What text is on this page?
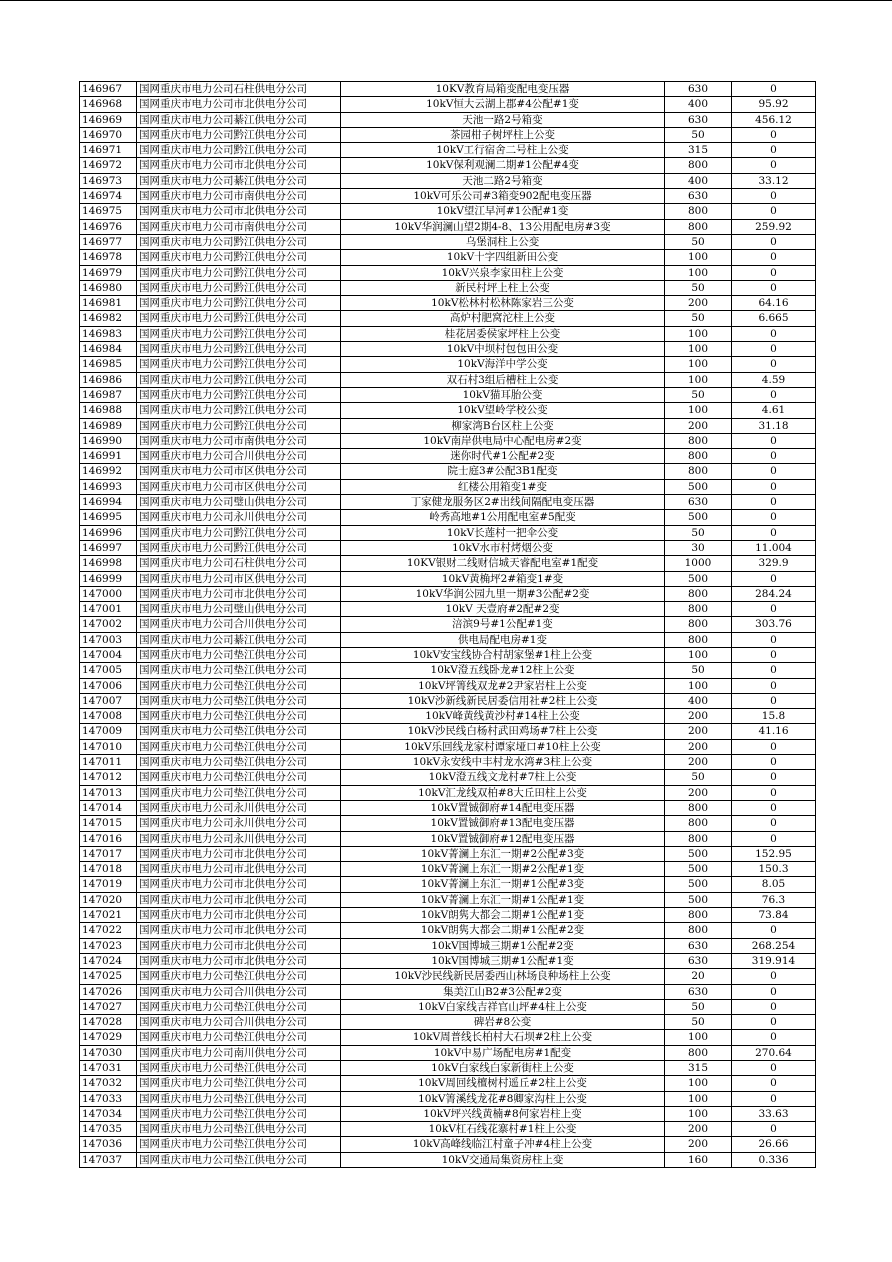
146967	国网重庆市电力公司石柱供电分公司	10KV教育局箱变配电变压器	630	0
146968	国网重庆市电力公司市北供电分公司	10kV恒大云湖上郡#4公配#1变	400	95.92
146969	国网重庆市电力公司綦江供电分公司	天池一路2号箱变	630	456.12
146970	国网重庆市电力公司黔江供电分公司	茶园柑子树坪柱上公变	50	0
146971	国网重庆市电力公司黔江供电分公司	10kV工行宿舍二号柱上公变	315	0
146972	国网重庆市电力公司市北供电分公司	10kV保利观澜二期#1公配#4变	800	0
146973	国网重庆市电力公司綦江供电分公司	天池二路2号箱变	400	33.12
146974	国网重庆市电力公司市南供电分公司	10kV可乐公司#3箱变902配电变压器	630	0
146975	国网重庆市电力公司市北供电分公司	10kV望江早河#1公配#1变	800	0
146976	国网重庆市电力公司市南供电分公司	10kV华润澜山望2期4-8、13公用配电房#3变	800	259.92
146977	国网重庆市电力公司黔江供电分公司	乌堡洞柱上公变	50	0
146978	国网重庆市电力公司黔江供电分公司	10kV十字四组新田公变	100	0
146979	国网重庆市电力公司黔江供电分公司	10kV兴泉李家田柱上公变	100	0
146980	国网重庆市电力公司黔江供电分公司	新民村坪上柱上公变	50	0
146981	国网重庆市电力公司黔江供电分公司	10kV松林村松林陈家岩三公变	200	64.16
146982	国网重庆市电力公司黔江供电分公司	高炉村肥窝沱柱上公变	50	6.665
146983	国网重庆市电力公司黔江供电分公司	桂花居委侯家坪柱上公变	100	0
146984	国网重庆市电力公司黔江供电分公司	10kV中坝村包包田公变	100	0
146985	国网重庆市电力公司黔江供电分公司	10kV海洋中学公变	100	0
146986	国网重庆市电力公司黔江供电分公司	双石村3组后槽柱上公变	100	4.59
146987	国网重庆市电力公司黔江供电分公司	10kV猫耳胎公变	50	0
146988	国网重庆市电力公司黔江供电分公司	10kV望岭学校公变	100	4.61
146989	国网重庆市电力公司黔江供电分公司	柳家湾B台区柱上公变	200	31.18
146990	国网重庆市电力公司市南供电分公司	10kV南岸供电局中心配电房#2变	800	0
146991	国网重庆市电力公司合川供电分公司	迷你时代#1公配#2变	800	0
146992	国网重庆市电力公司市区供电分公司	院士庭3#公配3B1配变	800	0
146993	国网重庆市电力公司市区供电分公司	红楼公用箱变1#变	500	0
146994	国网重庆市电力公司璧山供电分公司	丁家健龙服务区2#出线间隔配电变压器	630	0
146995	国网重庆市电力公司永川供电分公司	岭秀高地#1公用配电室#5配变	500	0
146996	国网重庆市电力公司黔江供电分公司	10kV长莲村一把伞公变	50	0
146997	国网重庆市电力公司黔江供电分公司	10kV水市村烤烟公变	30	11.004
146998	国网重庆市电力公司石柱供电分公司	10KV银财二线财信城天睿配电室#1配变	1000	329.9
146999	国网重庆市电力公司市区供电分公司	10kV黄桷坪2#箱变1#变	500	0
147000	国网重庆市电力公司市北供电分公司	10kV华润公园九里一期#3公配#2变	800	284.24
147001	国网重庆市电力公司璧山供电分公司	10kV 天壹府#2配#2变	800	0
147002	国网重庆市电力公司合川供电分公司	涪滨9号#1公配#1变	800	303.76
147003	国网重庆市电力公司綦江供电分公司	供电局配电房#1变	800	0
147004	国网重庆市电力公司垫江供电分公司	10kV安宝线协合村胡家堡#1柱上公变	100	0
147005	国网重庆市电力公司垫江供电分公司	10kV澄五线卧龙#12柱上公变	50	0
147006	国网重庆市电力公司垫江供电分公司	10kV坪箐线双龙#2尹家岩柱上公变	100	0
147007	国网重庆市电力公司垫江供电分公司	10kV沙新线新民居委信用社#2柱上公变	400	0
147008	国网重庆市电力公司垫江供电分公司	10kV峰黄线黄沙村#14柱上公变	200	15.8
147009	国网重庆市电力公司垫江供电分公司	10kV沙民线白杨村武田鸡场#7柱上公变	200	41.16
147010	国网重庆市电力公司垫江供电分公司	10kV乐回线龙家村谭家垭口#10柱上公变	200	0
147011	国网重庆市电力公司垫江供电分公司	10kV永安线中丰村龙水湾#3柱上公变	200	0
147012	国网重庆市电力公司垫江供电分公司	10kV澄五线文龙村#7柱上公变	50	0
147013	国网重庆市电力公司垫江供电分公司	10kV汇龙线双柏#8大丘田柱上公变	200	0
147014	国网重庆市电力公司永川供电分公司	10kV置铖御府#14配电变压器	800	0
147015	国网重庆市电力公司永川供电分公司	10kV置铖御府#13配电变压器	800	0
147016	国网重庆市电力公司永川供电分公司	10kV置铖御府#12配电变压器	800	0
147017	国网重庆市电力公司市北供电分公司	10kV菁澜上东汇一期#2公配#3变	500	152.95
147018	国网重庆市电力公司市北供电分公司	10kV菁澜上东汇一期#2公配#1变	500	150.3
147019	国网重庆市电力公司市北供电分公司	10kV菁澜上东汇一期#1公配#3变	500	8.05
147020	国网重庆市电力公司市北供电分公司	10kV菁澜上东汇一期#1公配#1变	500	76.3
147021	国网重庆市电力公司市北供电分公司	10kV朗隽大都会二期#1公配#1变	800	73.84
147022	国网重庆市电力公司市北供电分公司	10kV朗隽大都会二期#1公配#2变	800	0
147023	国网重庆市电力公司市北供电分公司	10kV国博城三期#1公配#2变	630	268.254
147024	国网重庆市电力公司市北供电分公司	10kV国博城三期#1公配#1变	630	319.914
147025	国网重庆市电力公司垫江供电分公司	10kV沙民线新民居委西山林场良种场柱上公变	20	0
147026	国网重庆市电力公司合川供电分公司	集美江山B2#3公配#2变	630	0
147027	国网重庆市电力公司垫江供电分公司	10kV白家线吉祥官山坪#4柱上公变	50	0
147028	国网重庆市电力公司合川供电分公司	碑岩#8公变	50	0
147029	国网重庆市电力公司垫江供电分公司	10kV周普线长柏村大石坝#2柱上公变	100	0
147030	国网重庆市电力公司南川供电分公司	10kV中易广场配电房#1配变	800	270.64
147031	国网重庆市电力公司垫江供电分公司	10kV白家线白家新街柱上公变	315	0
147032	国网重庆市电力公司垫江供电分公司	10kV周回线檀树村遥丘#2柱上公变	100	0
147033	国网重庆市电力公司垫江供电分公司	10kV箐溪线龙花#8卿家沟柱上公变	100	0
147034	国网重庆市电力公司垫江供电分公司	10kV坪兴线黄楠#8何家岩柱上变	100	33.63
147035	国网重庆市电力公司垫江供电分公司	10kV杠石线花寨村#1柱上公变	200	0
147036	国网重庆市电力公司垫江供电分公司	10kV高峰线临江村童子冲#4柱上公变	200	26.66
147037	国网重庆市电力公司垫江供电分公司	10kV交通局集资房柱上变	160	0.336
